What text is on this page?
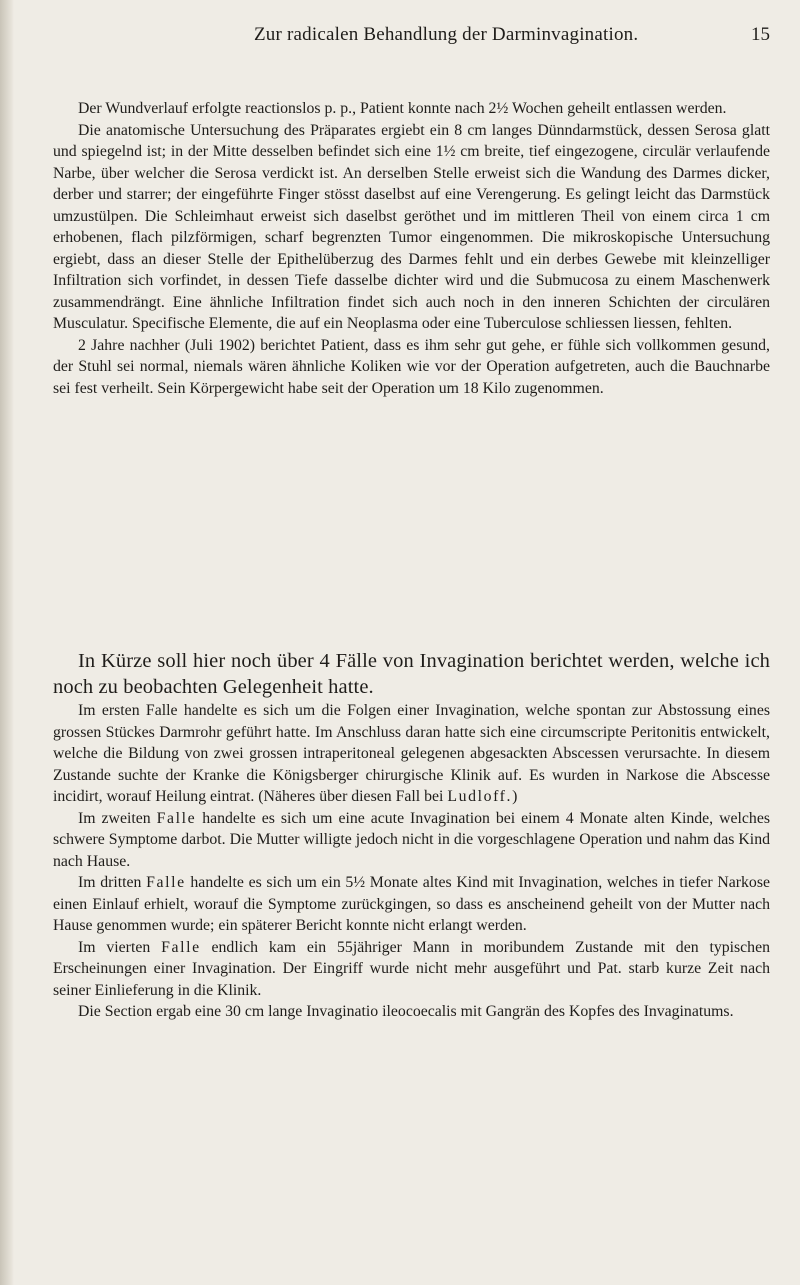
Zur radicalen Behandlung der Darminvagination.	15

Der Wundverlauf erfolgte reactionslos p. p., Patient konnte nach 2½ Wochen geheilt entlassen werden.

Die anatomische Untersuchung des Präparates ergiebt ein 8 cm langes Dünndarmstück, dessen Serosa glatt und spiegelnd ist; in der Mitte desselben befindet sich eine 1½ cm breite, tief eingezogene, circulär verlaufende Narbe, über welcher die Serosa verdickt ist. An derselben Stelle erweist sich die Wandung des Darmes dicker, derber und starrer; der eingeführte Finger stösst daselbst auf eine Verengerung. Es gelingt leicht das Darmstück umzustülpen. Die Schleimhaut erweist sich daselbst geröthet und im mittleren Theil von einem circa 1 cm erhobenen, flach pilzförmigen, scharf begrenzten Tumor eingenommen. Die mikroskopische Untersuchung ergiebt, dass an dieser Stelle der Epithelüberzug des Darmes fehlt und ein derbes Gewebe mit kleinzelliger Infiltration sich vorfindet, in dessen Tiefe dasselbe dichter wird und die Submucosa zu einem Maschenwerk zusammendrängt. Eine ähnliche Infiltration findet sich auch noch in den inneren Schichten der circulären Musculatur. Specifische Elemente, die auf ein Neoplasma oder eine Tuberculose schliessen liessen, fehlten.

2 Jahre nachher (Juli 1902) berichtet Patient, dass es ihm sehr gut gehe, er fühle sich vollkommen gesund, der Stuhl sei normal, niemals wären ähnliche Koliken wie vor der Operation aufgetreten, auch die Bauchnarbe sei fest verheilt. Sein Körpergewicht habe seit der Operation um 18 Kilo zugenommen.

In Kürze soll hier noch über 4 Fälle von Invagination berichtet werden, welche ich noch zu beobachten Gelegenheit hatte.

Im ersten Falle handelte es sich um die Folgen einer Invagination, welche spontan zur Abstossung eines grossen Stückes Darmrohr geführt hatte. Im Anschluss daran hatte sich eine circumscripte Peritonitis entwickelt, welche die Bildung von zwei grossen intraperitoneal gelegenen abgesackten Abscessen verursachte. In diesem Zustande suchte der Kranke die Königsberger chirurgische Klinik auf. Es wurden in Narkose die Abscesse incidirt, worauf Heilung eintrat. (Näheres über diesen Fall bei Ludloff.)

Im zweiten Falle handelte es sich um eine acute Invagination bei einem 4 Monate alten Kinde, welches schwere Symptome darbot. Die Mutter willigte jedoch nicht in die vorgeschlagene Operation und nahm das Kind nach Hause.

Im dritten Falle handelte es sich um ein 5½ Monate altes Kind mit Invagination, welches in tiefer Narkose einen Einlauf erhielt, worauf die Symptome zurückgingen, so dass es anscheinend geheilt von der Mutter nach Hause genommen wurde; ein späterer Bericht konnte nicht erlangt werden.

Im vierten Falle endlich kam ein 55jähriger Mann in moribundem Zustande mit den typischen Erscheinungen einer Invagination. Der Eingriff wurde nicht mehr ausgeführt und Pat. starb kurze Zeit nach seiner Einlieferung in die Klinik.

Die Section ergab eine 30 cm lange Invaginatio ileocoecalis mit Gangrän des Kopfes des Invaginatums.
